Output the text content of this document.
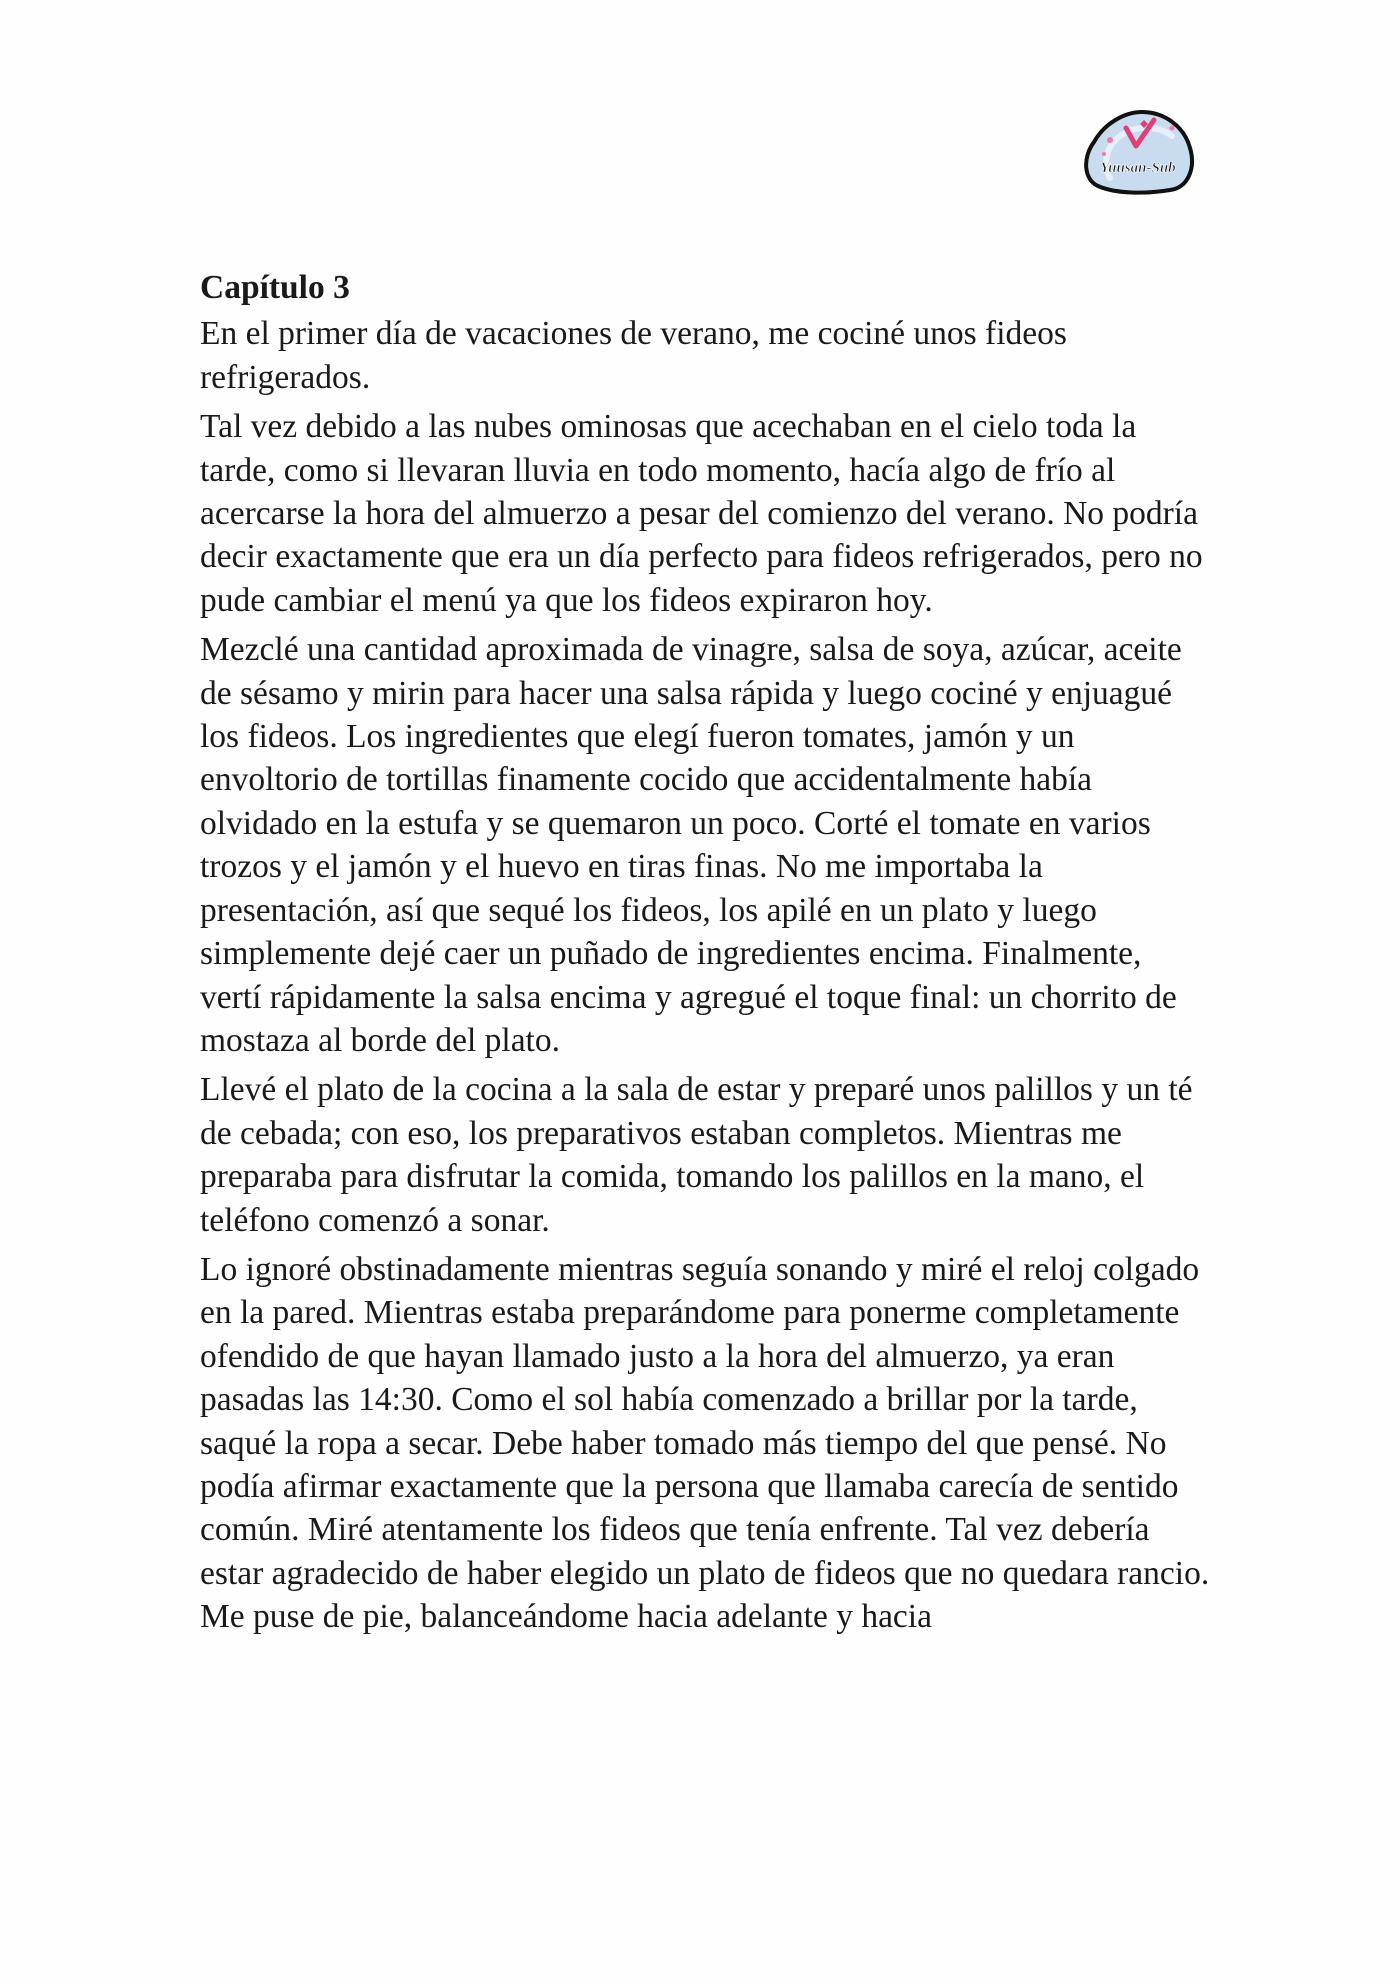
Yuusan-Sub
Capítulo 3

En el primer día de vacaciones de verano, me cociné unos fideos refrigerados.

Tal vez debido a las nubes ominosas que acechaban en el cielo toda la tarde, como si llevaran lluvia en todo momento, hacía algo de frío al acercarse la hora del almuerzo a pesar del comienzo del verano. No podría decir exactamente que era un día perfecto para fideos refrigerados, pero no pude cambiar el menú ya que los fideos expiraron hoy.

Mezclé una cantidad aproximada de vinagre, salsa de soya, azúcar, aceite de sésamo y mirin para hacer una salsa rápida y luego cociné y enjuagué los fideos. Los ingredientes que elegí fueron tomates, jamón y un envoltorio de tortillas finamente cocido que accidentalmente había olvidado en la estufa y se quemaron un poco. Corté el tomate en varios trozos y el jamón y el huevo en tiras finas. No me importaba la presentación, así que sequé los fideos, los apilé en un plato y luego simplemente dejé caer un puñado de ingredientes encima. Finalmente, vertí rápidamente la salsa encima y agregué el toque final: un chorrito de mostaza al borde del plato.

Llevé el plato de la cocina a la sala de estar y preparé unos palillos y un té de cebada; con eso, los preparativos estaban completos. Mientras me preparaba para disfrutar la comida, tomando los palillos en la mano, el teléfono comenzó a sonar.

Lo ignoré obstinadamente mientras seguía sonando y miré el reloj colgado en la pared. Mientras estaba preparándome para ponerme completamente ofendido de que hayan llamado justo a la hora del almuerzo, ya eran pasadas las 14:30. Como el sol había comenzado a brillar por la tarde, saqué la ropa a secar. Debe haber tomado más tiempo del que pensé. No podía afirmar exactamente que la persona que llamaba carecía de sentido común. Miré atentamente los fideos que tenía enfrente. Tal vez debería estar agradecido de haber elegido un plato de fideos que no quedara rancio. Me puse de pie, balanceándome hacia adelante y hacia
